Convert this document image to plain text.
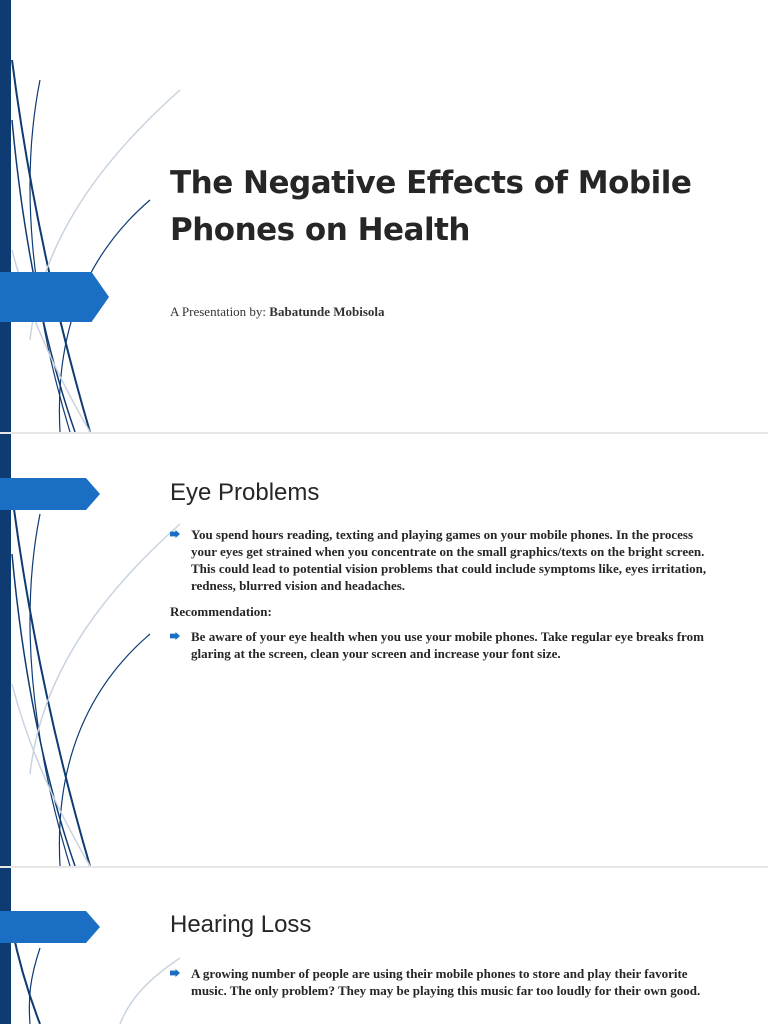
The Negative Effects of Mobile
Phones on Health
A Presentation by: Babatunde Mobisola
Eye Problems
You spend hours reading, texting and playing games on your mobile phones. In the process your eyes get strained when you concentrate on the small graphics/texts on the bright screen. This could lead to potential vision problems that could include symptoms like, eyes irritation, redness, blurred vision and headaches.
Recommendation:
Be aware of your eye health when you use your mobile phones. Take regular eye breaks from glaring at the screen, clean your screen and increase your font size.
Hearing Loss
A growing number of people are using their mobile phones to store and play their favorite music. The only problem? They may be playing this music far too loudly for their own good.
